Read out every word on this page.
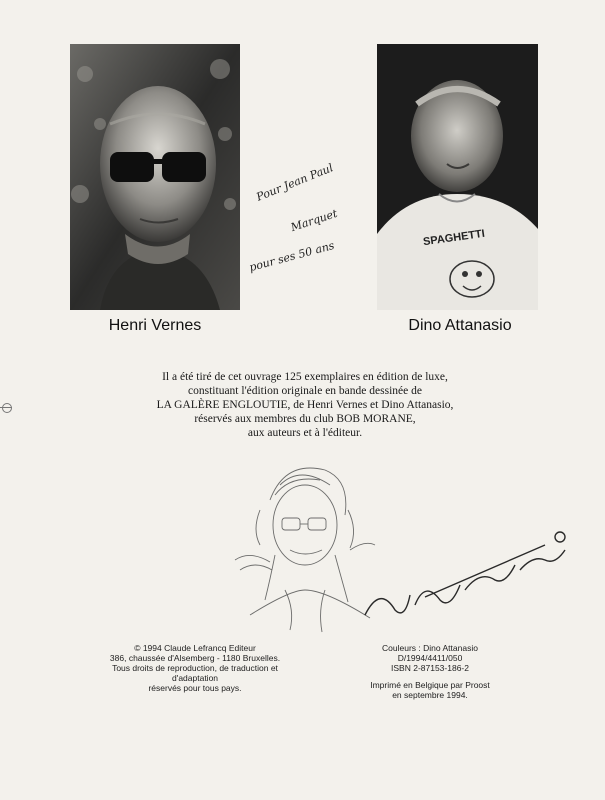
Pour Jean Paul
Marquet
pour ses 50 ans
SPAGHETTI
Henri Vernes	Dino Attanasio
Il a été tiré de cet ouvrage 125 exemplaires en édition de luxe,
constituant l'édition originale en bande dessinée de
LA GALÈRE ENGLOUTIE, de Henri Vernes et Dino Attanasio,
réservés aux membres du club BOB MORANE,
aux auteurs et à l'éditeur.
© 1994 Claude Lefrancq Editeur
386, chaussée d'Alsemberg - 1180 Bruxelles.
Tous droits de reproduction, de traduction et
d'adaptation
réservés pour tous pays.
Couleurs : Dino Attanasio
D/1994/4411/050
ISBN 2-87153-186-2
Imprimé en Belgique par Proost
en septembre 1994.
